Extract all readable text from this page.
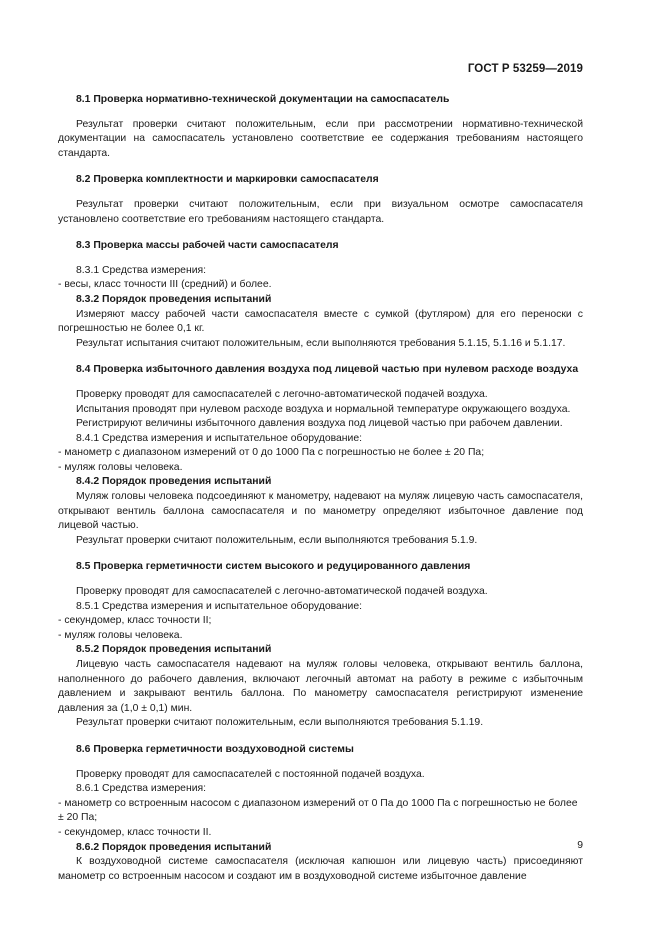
ГОСТ Р 53259—2019
8.1 Проверка нормативно-технической документации на самоспасатель

Результат проверки считают положительным, если при рассмотрении нормативно-технической документации на самоспасатель установлено соответствие ее содержания требованиям настоящего стандарта.

8.2 Проверка комплектности и маркировки самоспасателя

Результат проверки считают положительным, если при визуальном осмотре самоспасателя установлено соответствие его требованиям настоящего стандарта.

8.3 Проверка массы рабочей части самоспасателя

8.3.1 Средства измерения:

- весы, класс точности III (средний) и более.

8.3.2 Порядок проведения испытаний

Измеряют массу рабочей части самоспасателя вместе с сумкой (футляром) для его переноски с погрешностью не более 0,1 кг.

Результат испытания считают положительным, если выполняются требования 5.1.15, 5.1.16 и 5.1.17.

8.4 Проверка избыточного давления воздуха под лицевой частью при нулевом расходе воздуха

Проверку проводят для самоспасателей с легочно-автоматической подачей воздуха.

Испытания проводят при нулевом расходе воздуха и нормальной температуре окружающего воздуха.

Регистрируют величины избыточного давления воздуха под лицевой частью при рабочем давлении.

8.4.1 Средства измерения и испытательное оборудование:

- манометр с диапазоном измерений от 0 до 1000 Па с погрешностью не более ± 20 Па;

- муляж головы человека.

8.4.2 Порядок проведения испытаний

Муляж головы человека подсоединяют к манометру, надевают на муляж лицевую часть самоспасателя, открывают вентиль баллона самоспасателя и по манометру определяют избыточное давление под лицевой частью.

Результат проверки считают положительным, если выполняются требования 5.1.9.

8.5 Проверка герметичности систем высокого и редуцированного давления

Проверку проводят для самоспасателей с легочно-автоматической подачей воздуха.

8.5.1 Средства измерения и испытательное оборудование:

- секундомер, класс точности II;

- муляж головы человека.

8.5.2 Порядок проведения испытаний

Лицевую часть самоспасателя надевают на муляж головы человека, открывают вентиль баллона, наполненного до рабочего давления, включают легочный автомат на работу в режиме с избыточным давлением и закрывают вентиль баллона. По манометру самоспасателя регистрируют изменение давления за (1,0 ± 0,1) мин.

Результат проверки считают положительным, если выполняются требования 5.1.19.

8.6 Проверка герметичности воздуховодной системы

Проверку проводят для самоспасателей с постоянной подачей воздуха.

8.6.1 Средства измерения:

- манометр со встроенным насосом с диапазоном измерений от 0 Па до 1000 Па с погрешностью не более ± 20 Па;

- секундомер, класс точности II.

8.6.2 Порядок проведения испытаний

К воздуховодной системе самоспасателя (исключая капюшон или лицевую часть) присоединяют манометр со встроенным насосом и создают им в воздуховодной системе избыточное давление

9
